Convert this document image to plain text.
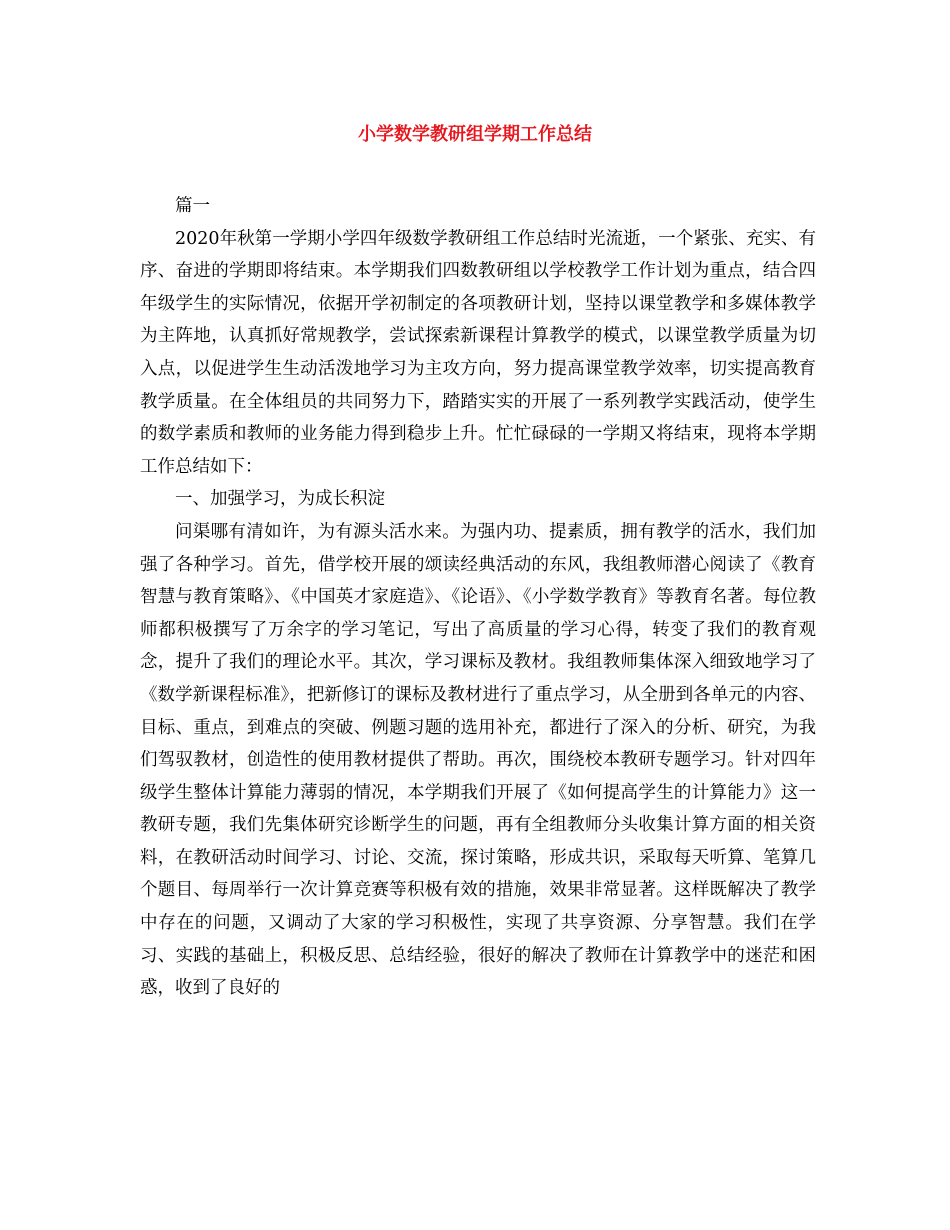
小学数学教研组学期工作总结

篇一

2020年秋第一学期小学四年级数学教研组工作总结时光流逝，一个紧张、充实、有序、奋进的学期即将结束。本学期我们四数教研组以学校教学工作计划为重点，结合四年级学生的实际情况，依据开学初制定的各项教研计划，坚持以课堂教学和多媒体教学为主阵地，认真抓好常规教学，尝试探索新课程计算教学的模式，以课堂教学质量为切入点，以促进学生生动活泼地学习为主攻方向，努力提高课堂教学效率，切实提高教育教学质量。在全体组员的共同努力下，踏踏实实的开展了一系列教学实践活动，使学生的数学素质和教师的业务能力得到稳步上升。忙忙碌碌的一学期又将结束，现将本学期工作总结如下：

一、加强学习，为成长积淀

问渠哪有清如许，为有源头活水来。为强内功、提素质，拥有教学的活水，我们加强了各种学习。首先，借学校开展的颂读经典活动的东风，我组教师潜心阅读了《教育智慧与教育策略》、《中国英才家庭造》、《论语》、《小学数学教育》等教育名著。每位教师都积极撰写了万余字的学习笔记，写出了高质量的学习心得，转变了我们的教育观念，提升了我们的理论水平。其次，学习课标及教材。我组教师集体深入细致地学习了《数学新课程标准》，把新修订的课标及教材进行了重点学习，从全册到各单元的内容、目标、重点，到难点的突破、例题习题的选用补充，都进行了深入的分析、研究，为我们驾驭教材，创造性的使用教材提供了帮助。再次，围绕校本教研专题学习。针对四年级学生整体计算能力薄弱的情况，本学期我们开展了《如何提高学生的计算能力》这一教研专题，我们先集体研究诊断学生的问题，再有全组教师分头收集计算方面的相关资料，在教研活动时间学习、讨论、交流，探讨策略，形成共识，采取每天听算、笔算几个题目、每周举行一次计算竞赛等积极有效的措施，效果非常显著。这样既解决了教学中存在的问题，又调动了大家的学习积极性，实现了共享资源、分享智慧。我们在学习、实践的基础上，积极反思、总结经验，很好的解决了教师在计算教学中的迷茫和困惑，收到了良好的
